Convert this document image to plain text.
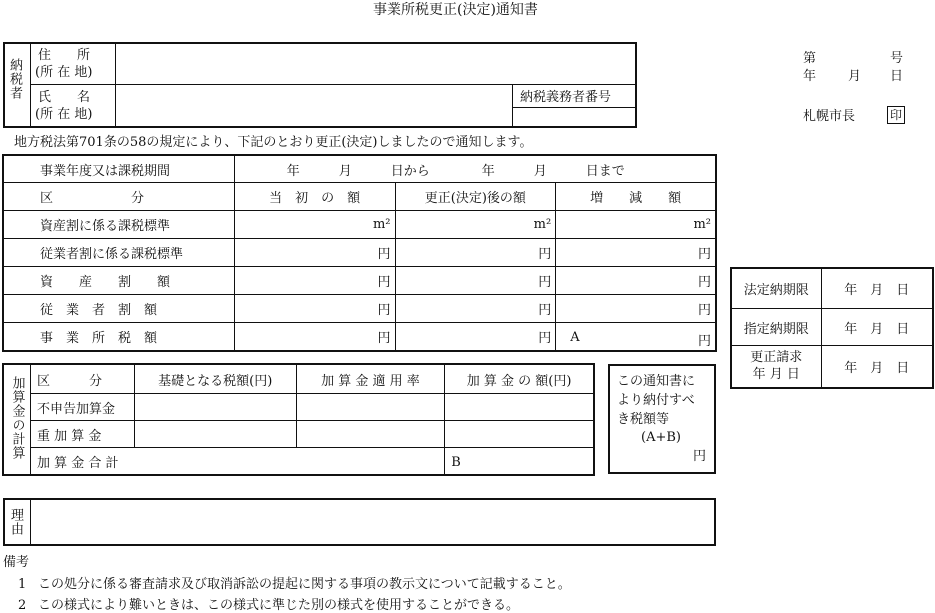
事業所税更正(決定)通知書
納税者
住　　所
(所 在 地)
氏　　名
(所 在 地)
納税義務者番号
第	号
年 月 日
札幌市長	印
地方税法第701条の58の規定により、下記のとおり更正(決定)しましたので通知します。
事業年度又は課税期間	年　　　月　　　日から 年　　　月　　　日まで		
区　　　　　　分	当　初　の　額	更正(決定)後の額	増　　減　　額
資産割に係る課税標準	m²	m²	m²
従業者割に係る課税標準	円	円	円
資　　産　　割　　額	円	円	円
従　業　者　割　額	円	円	円
事　業　所　税　額	円	円	A 円
法定納期限	年　月　日
指定納期限	年　月　日
更正請求
年 月 日	年　月　日
加算金の計算	区　　　分	基礎となる税額(円)	加 算 金 適 用 率	加 算 金 の 額(円)
	不申告加算金			
	重 加 算 金			
	加 算 金 合 計			B
この通知書に
より納付すべ
き税額等
(A+B)
円
理由
備考
1 この処分に係る審査請求及び取消訴訟の提起に関する事項の教示文について記載すること。
2 この様式により難いときは、この様式に準じた別の様式を使用することができる。
